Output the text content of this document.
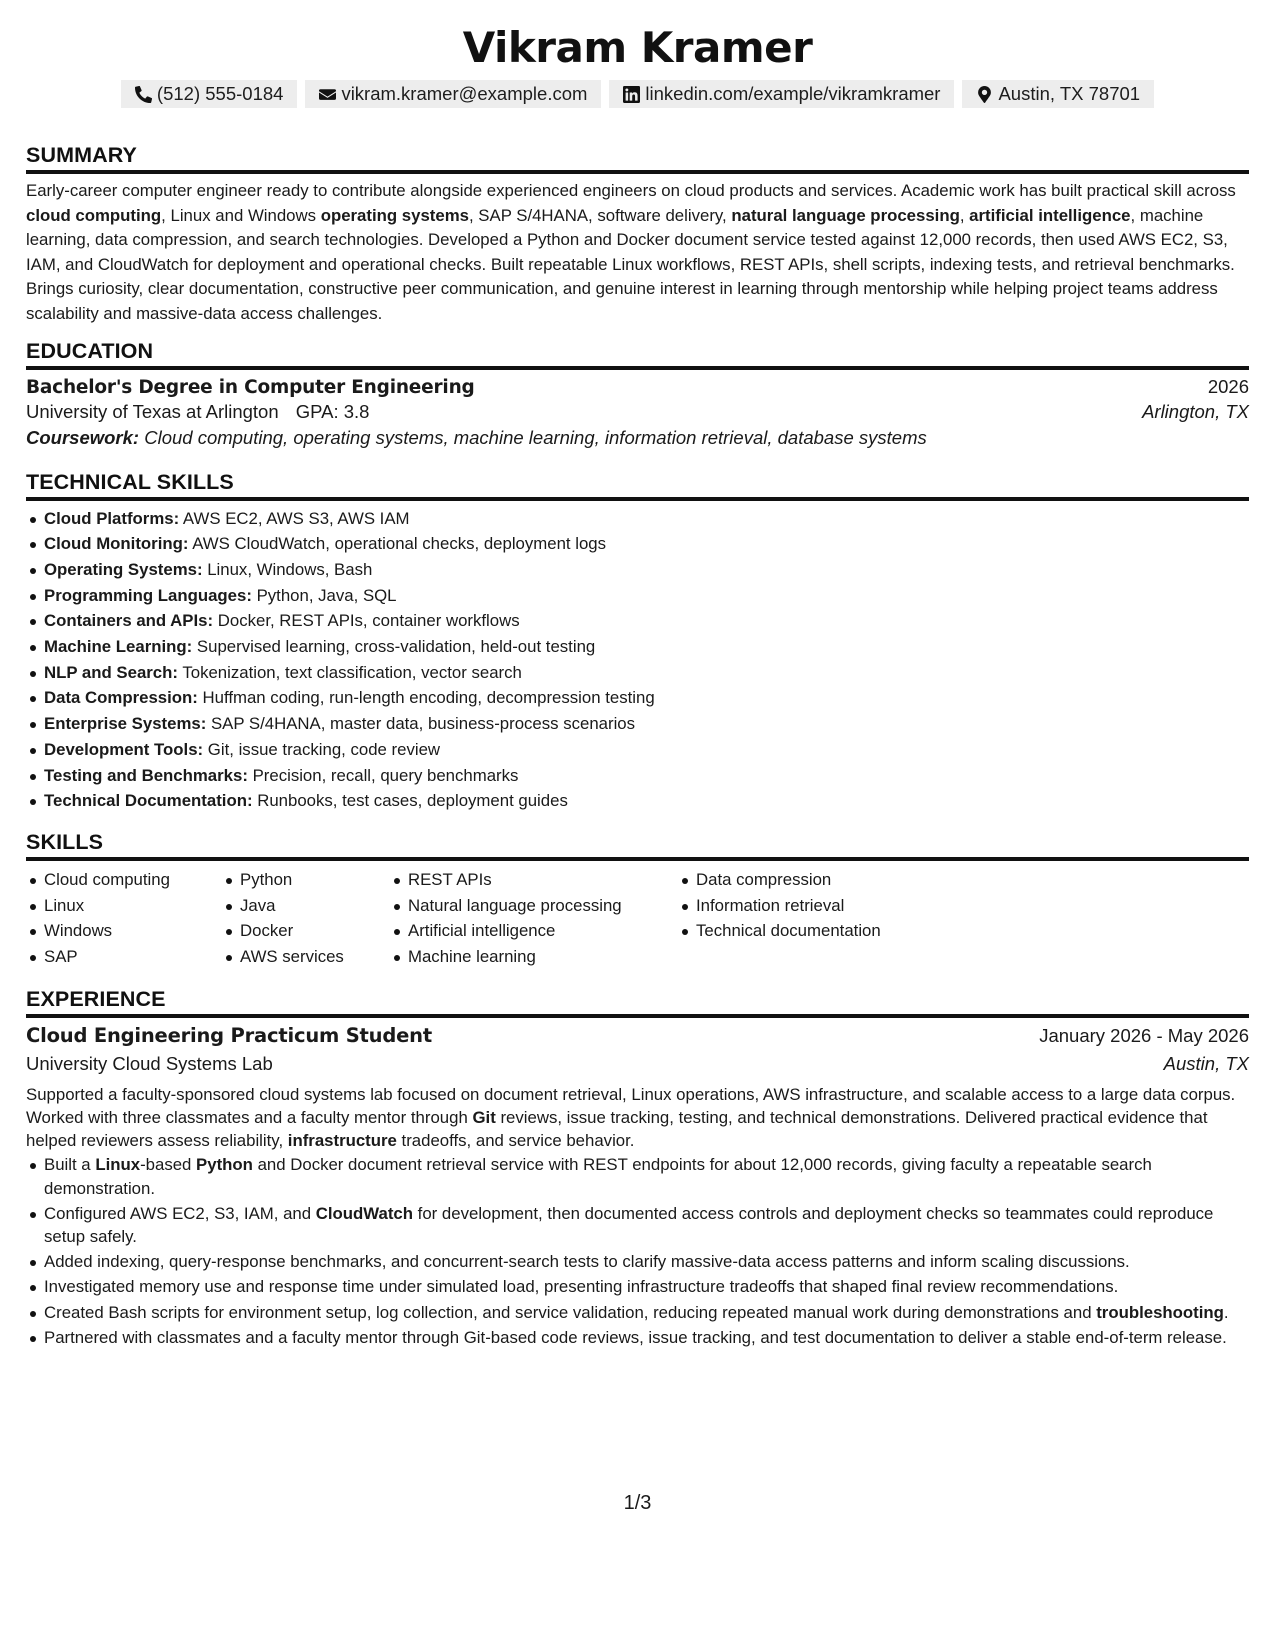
Vikram Kramer
(512) 555-0184	vikram.kramer@example.com	linkedin.com/example/vikramkramer	Austin, TX 78701
SUMMARY
Early-career computer engineer ready to contribute alongside experienced engineers on cloud products and services. Academic work has built practical skill across cloud computing, Linux and Windows operating systems, SAP S/4HANA, software delivery, natural language processing, artificial intelligence, machine learning, data compression, and search technologies. Developed a Python and Docker document service tested against 12,000 records, then used AWS EC2, S3, IAM, and CloudWatch for deployment and operational checks. Built repeatable Linux workflows, REST APIs, shell scripts, indexing tests, and retrieval benchmarks. Brings curiosity, clear documentation, constructive peer communication, and genuine interest in learning through mentorship while helping project teams address scalability and massive-data access challenges.
EDUCATION
Bachelor's Degree in Computer Engineering	2026
University of Texas at Arlington GPA: 3.8	Arlington, TX
Coursework: Cloud computing, operating systems, machine learning, information retrieval, database systems
TECHNICAL SKILLS
Cloud Platforms: AWS EC2, AWS S3, AWS IAM
Cloud Monitoring: AWS CloudWatch, operational checks, deployment logs
Operating Systems: Linux, Windows, Bash
Programming Languages: Python, Java, SQL
Containers and APIs: Docker, REST APIs, container workflows
Machine Learning: Supervised learning, cross-validation, held-out testing
NLP and Search: Tokenization, text classification, vector search
Data Compression: Huffman coding, run-length encoding, decompression testing
Enterprise Systems: SAP S/4HANA, master data, business-process scenarios
Development Tools: Git, issue tracking, code review
Testing and Benchmarks: Precision, recall, query benchmarks
Technical Documentation: Runbooks, test cases, deployment guides
SKILLS
Cloud computing
Linux
Windows
SAP
Python
Java
Docker
AWS services
REST APIs
Natural language processing
Artificial intelligence
Machine learning
Data compression
Information retrieval
Technical documentation
EXPERIENCE
Cloud Engineering Practicum Student	January 2026 - May 2026
University Cloud Systems Lab	Austin, TX
Supported a faculty-sponsored cloud systems lab focused on document retrieval, Linux operations, AWS infrastructure, and scalable access to a large data corpus. Worked with three classmates and a faculty mentor through Git reviews, issue tracking, testing, and technical demonstrations. Delivered practical evidence that helped reviewers assess reliability, infrastructure tradeoffs, and service behavior.
Built a Linux-based Python and Docker document retrieval service with REST endpoints for about 12,000 records, giving faculty a repeatable search demonstration.
Configured AWS EC2, S3, IAM, and CloudWatch for development, then documented access controls and deployment checks so teammates could reproduce setup safely.
Added indexing, query-response benchmarks, and concurrent-search tests to clarify massive-data access patterns and inform scaling discussions.
Investigated memory use and response time under simulated load, presenting infrastructure tradeoffs that shaped final review recommendations.
Created Bash scripts for environment setup, log collection, and service validation, reducing repeated manual work during demonstrations and troubleshooting.
Partnered with classmates and a faculty mentor through Git-based code reviews, issue tracking, and test documentation to deliver a stable end-of-term release.
1/3
